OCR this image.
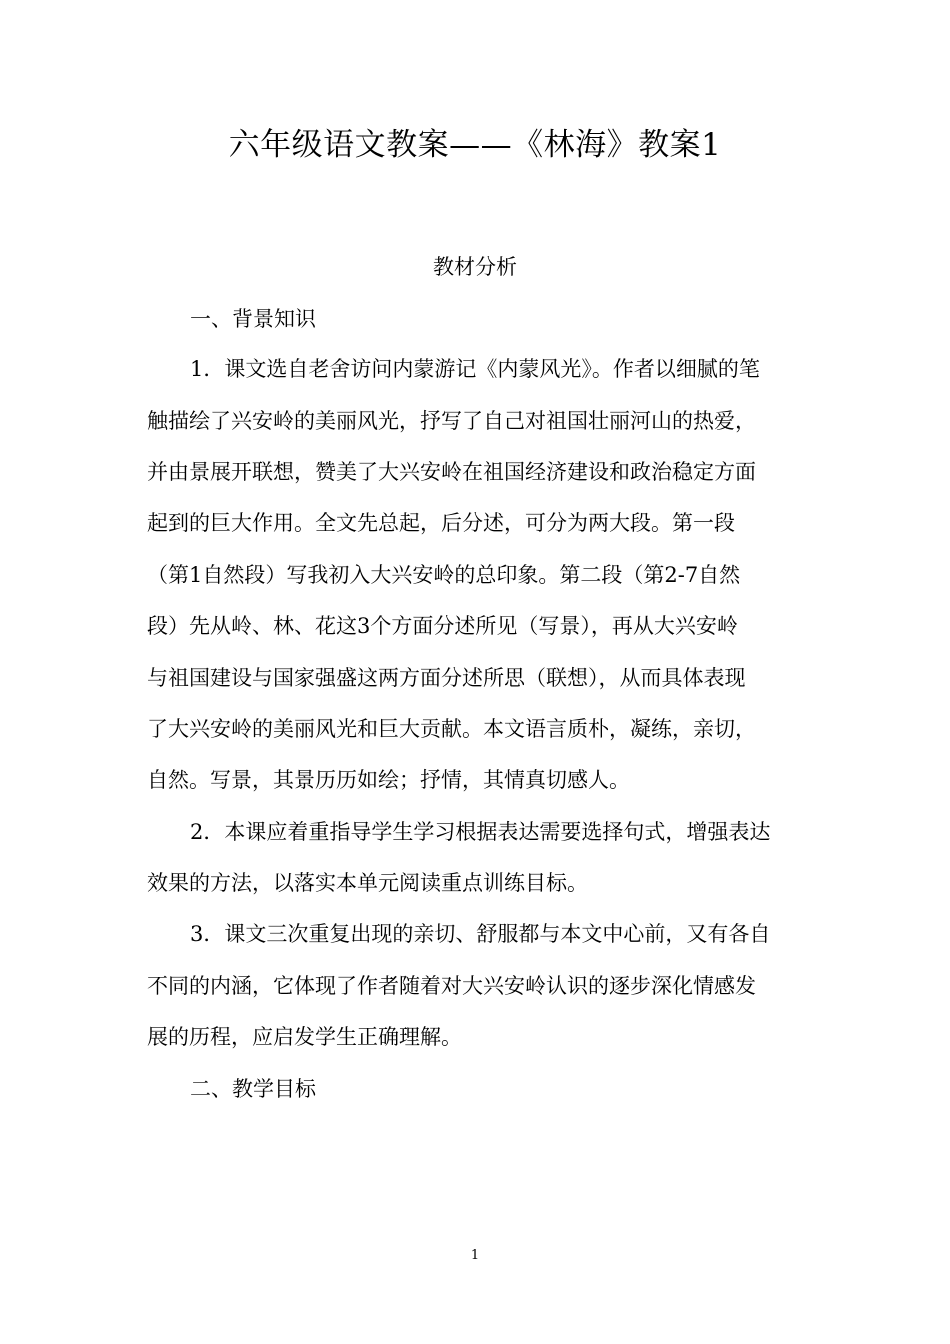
六年级语文教案——《林海》教案1
教材分析
一、背景知识
1．课文选自老舍访问内蒙游记《内蒙风光》。作者以细腻的笔
触描绘了兴安岭的美丽风光，抒写了自己对祖国壮丽河山的热爱，
并由景展开联想，赞美了大兴安岭在祖国经济建设和政治稳定方面
起到的巨大作用。全文先总起，后分述，可分为两大段。第一段
（第1自然段）写我初入大兴安岭的总印象。第二段（第2-7自然
段）先从岭、林、花这3个方面分述所见（写景），再从大兴安岭
与祖国建设与国家强盛这两方面分述所思（联想），从而具体表现
了大兴安岭的美丽风光和巨大贡献。本文语言质朴，凝练，亲切，
自然。写景，其景历历如绘；抒情，其情真切感人。
2．本课应着重指导学生学习根据表达需要选择句式，增强表达
效果的方法，以落实本单元阅读重点训练目标。
3．课文三次重复出现的亲切、舒服都与本文中心前，又有各自
不同的内涵，它体现了作者随着对大兴安岭认识的逐步深化情感发
展的历程，应启发学生正确理解。
二、教学目标
1
